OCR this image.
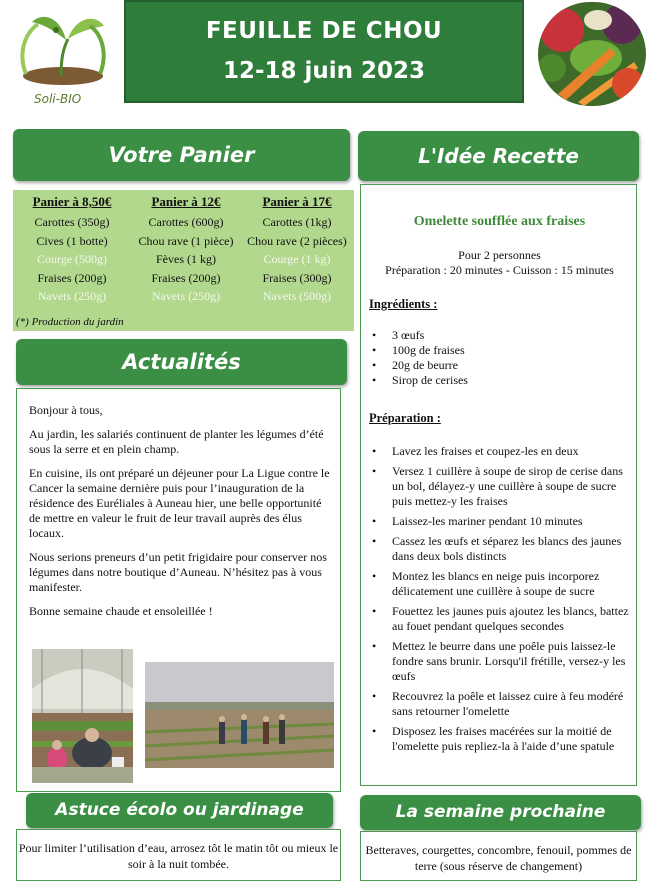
Soli-BIO
FEUILLE DE CHOU
12-18 juin 2023
Votre Panier
Panier à 8,50€
Carottes (350g)
Cives (1 botte)
Courge (500g)
Fraises (200g)
Navets (250g)
Panier à 12€
Carottes (600g)
Chou rave (1 pièce)
Fèves (1 kg)
Fraises (200g)
Navets (250g)
Panier à 17€
Carottes (1kg)
Chou rave (2 pièces)
Courge (1 kg)
Fraises (300g)
Navets (500g)
(*) Production du jardin
Actualités

Bonjour à tous,

Au jardin, les salariés continuent de planter les légumes d’été sous la serre et en plein champ.

En cuisine, ils ont préparé un déjeuner pour La Ligue contre le Cancer la semaine dernière puis pour l’inauguration de la résidence des Euréliales à Auneau hier, une belle opportunité de mettre en valeur le fruit de leur travail auprès des élus locaux.

Nous serions preneurs d’un petit frigidaire pour conserver nos légumes dans notre boutique d’Auneau. N’hésitez pas à vous manifester.

Bonne semaine chaude et ensoleillée !

L'Idée Recette
Omelette soufflée aux fraises
Pour 2 personnes
Préparation : 20 minutes - Cuisson : 15 minutes
Ingrédients :
• 3 œufs
• 100g de fraises
• 20g de beurre
• Sirop de cerises
Préparation :
• Lavez les fraises et coupez-les en deux
• Versez 1 cuillère à soupe de sirop de cerise dans un bol, délayez-y une cuillère à soupe de sucre puis mettez-y les fraises
• Laissez-les mariner pendant 10 minutes
• Cassez les œufs et séparez les blancs des jaunes dans deux bols distincts
• Montez les blancs en neige puis incorporez délicatement une cuillère à soupe de sucre
• Fouettez les jaunes puis ajoutez les blancs, battez au fouet pendant quelques secondes
• Mettez le beurre dans une poêle puis laissez-le fondre sans brunir. Lorsqu'il frétille, versez-y les œufs
• Recouvrez la poêle et laissez cuire à feu modéré sans retourner l'omelette
• Disposez les fraises macérées sur la moitié de l'omelette puis repliez-la à l'aide d’une spatule
Astuce écolo ou jardinage
Pour limiter l’utilisation d’eau, arrosez tôt le matin tôt ou mieux le soir à la nuit tombée.
La semaine prochaine
Betteraves, courgettes, concombre, fenouil, pommes de terre (sous réserve de changement)
